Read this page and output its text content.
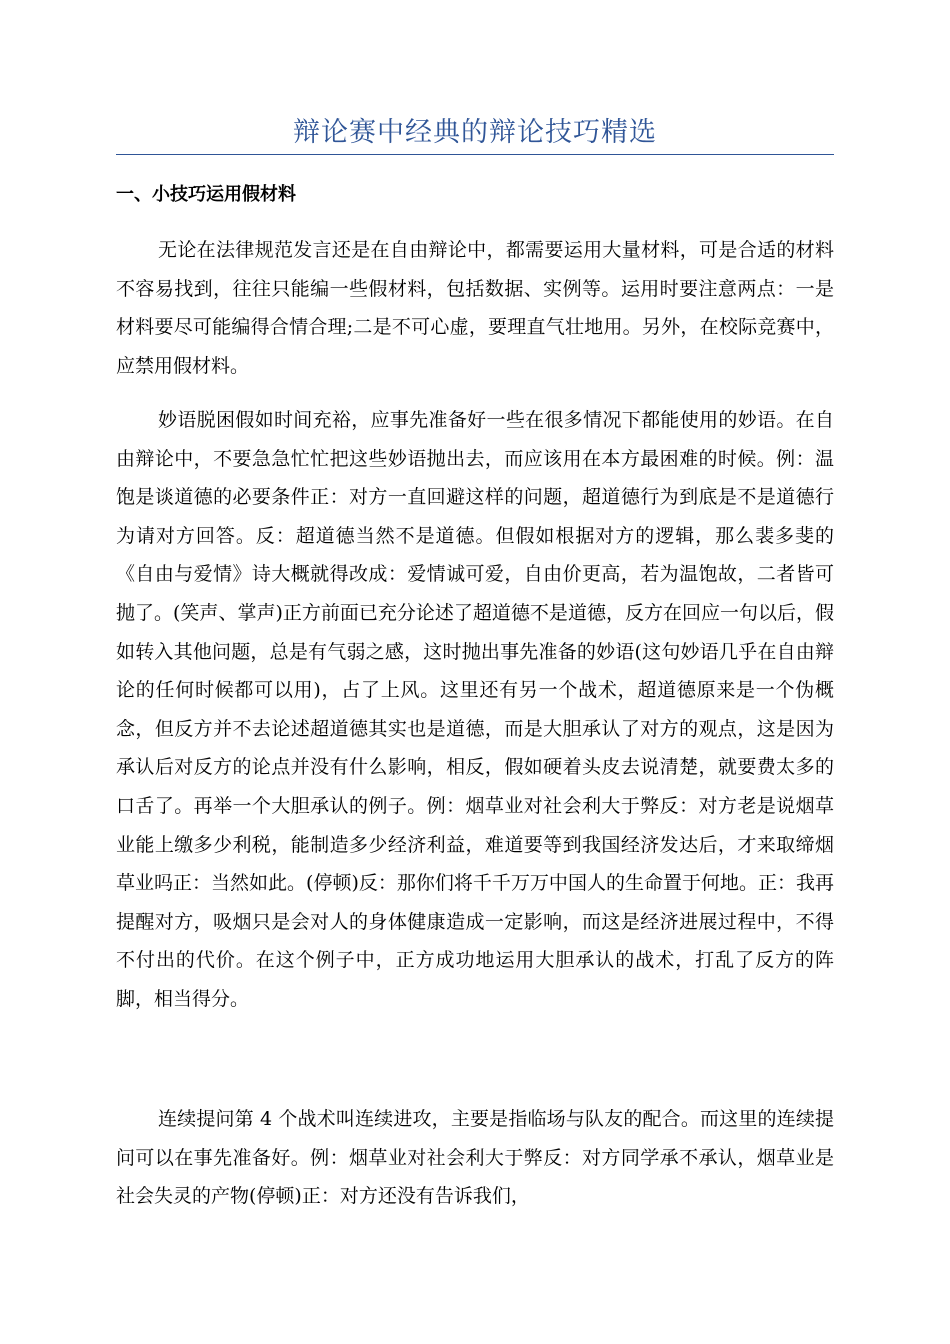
辩论赛中经典的辩论技巧精选
一、小技巧运用假材料

无论在法律规范发言还是在自由辩论中，都需要运用大量材料，可是合适的材料不容易找到，往往只能编一些假材料，包括数据、实例等。运用时要注意两点：一是材料要尽可能编得合情合理;二是不可心虚，要理直气壮地用。另外，在校际竞赛中，应禁用假材料。

妙语脱困假如时间充裕，应事先准备好一些在很多情况下都能使用的妙语。在自由辩论中，不要急急忙忙把这些妙语抛出去，而应该用在本方最困难的时候。例：温饱是谈道德的必要条件正：对方一直回避这样的问题，超道德行为到底是不是道德行为请对方回答。反：超道德当然不是道德。但假如根据对方的逻辑，那么裴多斐的《自由与爱情》诗大概就得改成：爱情诚可爱，自由价更高，若为温饱故，二者皆可抛了。(笑声、掌声)正方前面已充分论述了超道德不是道德，反方在回应一句以后，假如转入其他问题，总是有气弱之感，这时抛出事先准备的妙语(这句妙语几乎在自由辩论的任何时候都可以用)，占了上风。这里还有另一个战术，超道德原来是一个伪概念，但反方并不去论述超道德其实也是道德，而是大胆承认了对方的观点，这是因为承认后对反方的论点并没有什么影响，相反，假如硬着头皮去说清楚，就要费太多的口舌了。再举一个大胆承认的例子。例：烟草业对社会利大于弊反：对方老是说烟草业能上缴多少利税，能制造多少经济利益，难道要等到我国经济发达后，才来取缔烟草业吗正：当然如此。(停顿)反：那你们将千千万万中国人的生命置于何地。正：我再提醒对方，吸烟只是会对人的身体健康造成一定影响，而这是经济进展过程中，不得不付出的代价。在这个例子中，正方成功地运用大胆承认的战术，打乱了反方的阵脚，相当得分。

连续提问第 4 个战术叫连续进攻，主要是指临场与队友的配合。而这里的连续提问可以在事先准备好。例：烟草业对社会利大于弊反：对方同学承不承认，烟草业是社会失灵的产物(停顿)正：对方还没有告诉我们，
